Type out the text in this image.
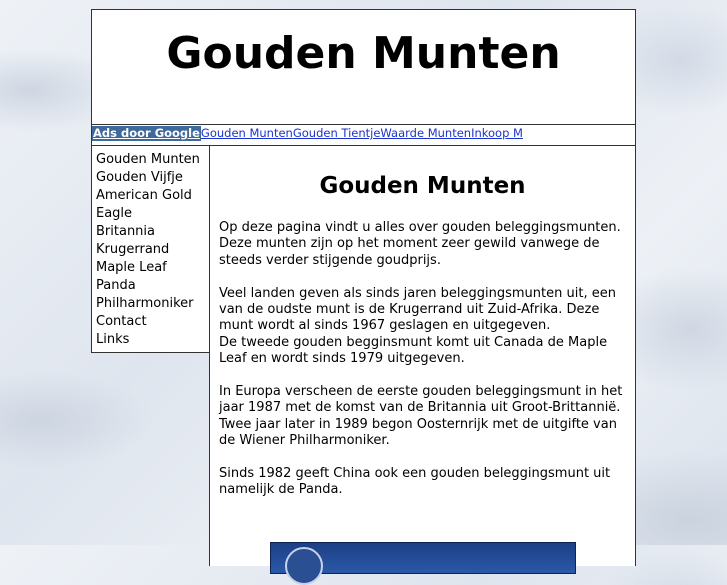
Gouden Munten
Ads door GoogleGouden MuntenGouden TientjeWaarde MuntenInkoop M
Gouden Munten
Gouden Vijfje
American Gold Eagle
Britannia
Krugerrand
Maple Leaf
Panda
Philharmoniker
Contact
Links
Gouden Munten

Op deze pagina vindt u alles over gouden beleggingsmunten. Deze munten zijn op het moment zeer gewild vanwege de steeds verder stijgende goudprijs.

Veel landen geven als sinds jaren beleggingsmunten uit, een van de oudste munt is de Krugerrand uit Zuid-Afrika. Deze munt wordt al sinds 1967 geslagen en uitgegeven.

De tweede gouden begginsmunt komt uit Canada de Maple Leaf en wordt sinds 1979 uitgegeven.

In Europa verscheen de eerste gouden beleggingsmunt in het jaar 1987 met de komst van de Britannia uit Groot-Brittannië. Twee jaar later in 1989 begon Oosternrijk met de uitgifte van de Wiener Philharmoniker.

Sinds 1982 geeft China ook een gouden beleggingsmunt uit namelijk de Panda.
